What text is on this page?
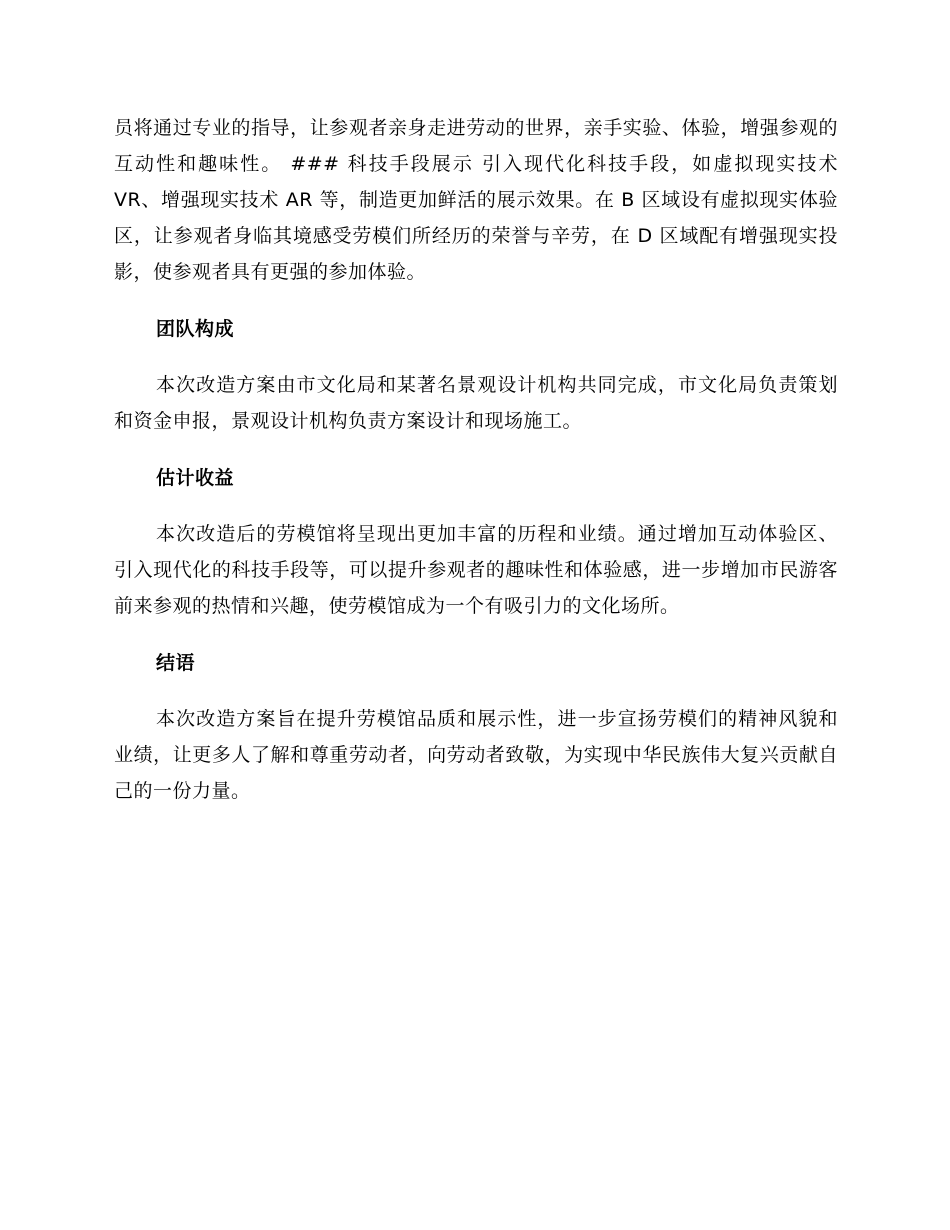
员将通过专业的指导，让参观者亲身走进劳动的世界，亲手实验、体验，增强参观的互动性和趣味性。 ### 科技手段展示 引入现代化科技手段，如虚拟现实技术 VR、增强现实技术 AR 等，制造更加鲜活的展示效果。在 B 区域设有虚拟现实体验区，让参观者身临其境感受劳模们所经历的荣誉与辛劳，在 D 区域配有增强现实投影，使参观者具有更强的参加体验。

团队构成

本次改造方案由市文化局和某著名景观设计机构共同完成，市文化局负责策划和资金申报，景观设计机构负责方案设计和现场施工。

估计收益

本次改造后的劳模馆将呈现出更加丰富的历程和业绩。通过增加互动体验区、引入现代化的科技手段等，可以提升参观者的趣味性和体验感，进一步增加市民游客前来参观的热情和兴趣，使劳模馆成为一个有吸引力的文化场所。

结语

本次改造方案旨在提升劳模馆品质和展示性，进一步宣扬劳模们的精神风貌和业绩，让更多人了解和尊重劳动者，向劳动者致敬，为实现中华民族伟大复兴贡献自己的一份力量。
